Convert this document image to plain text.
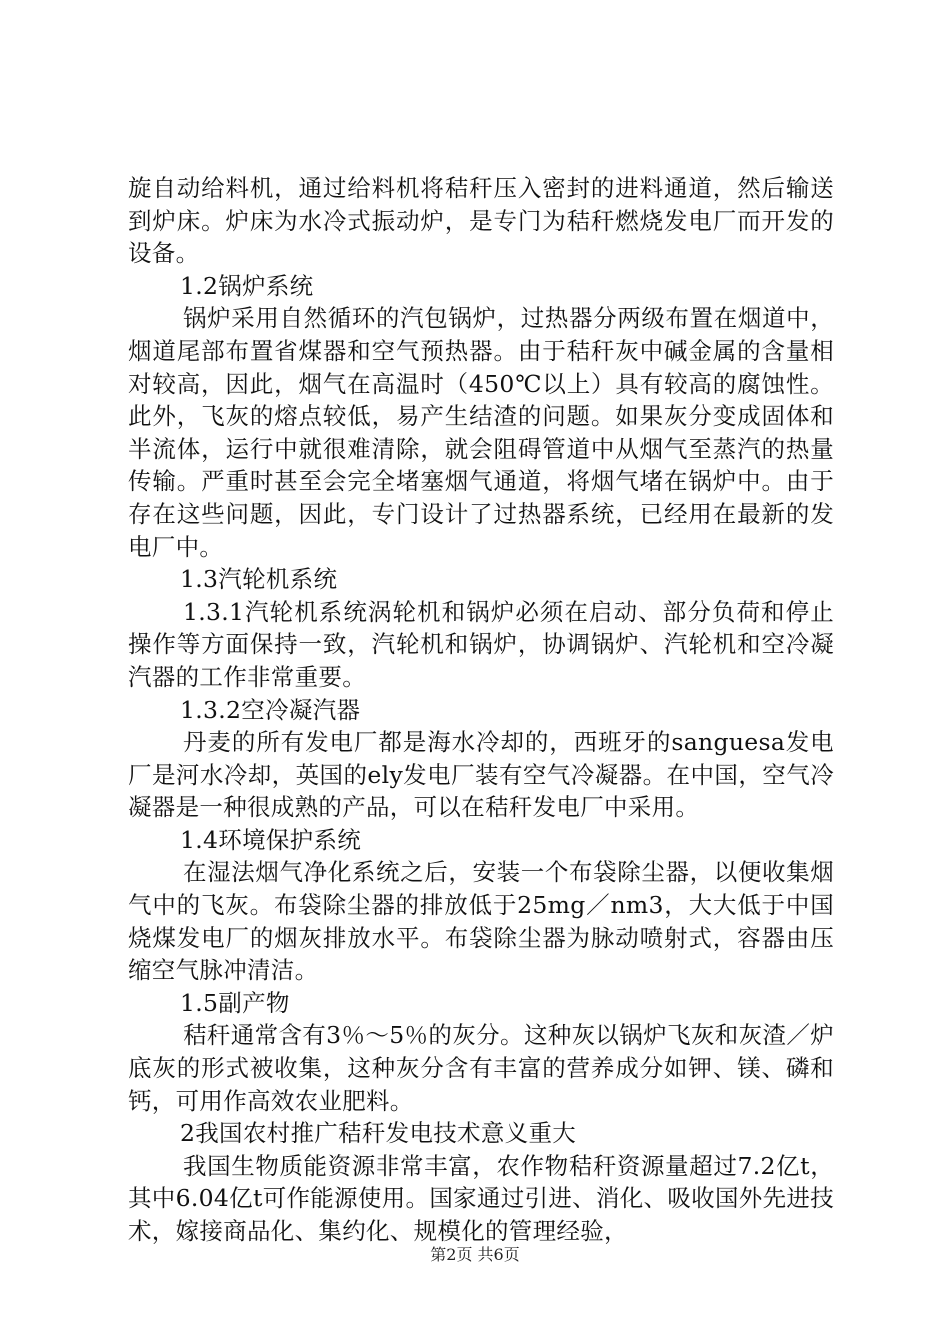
旋自动给料机，通过给料机将秸秆压入密封的进料通道，然后输送到炉床。炉床为水冷式振动炉，是专门为秸秆燃烧发电厂而开发的设备。

1.2锅炉系统

锅炉采用自然循环的汽包锅炉，过热器分两级布置在烟道中，烟道尾部布置省煤器和空气预热器。由于秸秆灰中碱金属的含量相对较高，因此，烟气在高温时（450℃以上）具有较高的腐蚀性。此外，飞灰的熔点较低，易产生结渣的问题。如果灰分变成固体和半流体，运行中就很难清除，就会阻碍管道中从烟气至蒸汽的热量传输。严重时甚至会完全堵塞烟气通道，将烟气堵在锅炉中。由于存在这些问题，因此，专门设计了过热器系统，已经用在最新的发电厂中。

1.3汽轮机系统

1.3.1汽轮机系统涡轮机和锅炉必须在启动、部分负荷和停止操作等方面保持一致，汽轮机和锅炉，协调锅炉、汽轮机和空冷凝汽器的工作非常重要。

1.3.2空冷凝汽器

丹麦的所有发电厂都是海水冷却的，西班牙的sanguesa发电厂是河水冷却，英国的ely发电厂装有空气冷凝器。在中国，空气冷凝器是一种很成熟的产品，可以在秸秆发电厂中采用。

1.4环境保护系统

在湿法烟气净化系统之后，安装一个布袋除尘器，以便收集烟气中的飞灰。布袋除尘器的排放低于25mg／nm3，大大低于中国烧煤发电厂的烟灰排放水平。布袋除尘器为脉动喷射式，容器由压缩空气脉冲清洁。

1.5副产物

秸秆通常含有3％～5％的灰分。这种灰以锅炉飞灰和灰渣／炉底灰的形式被收集，这种灰分含有丰富的营养成分如钾、镁、磷和钙，可用作高效农业肥料。

2我国农村推广秸秆发电技术意义重大

我国生物质能资源非常丰富，农作物秸秆资源量超过7.2亿t，其中6.04亿t可作能源使用。国家通过引进、消化、吸收国外先进技术，嫁接商品化、集约化、规模化的管理经验，

第2页 共6页
